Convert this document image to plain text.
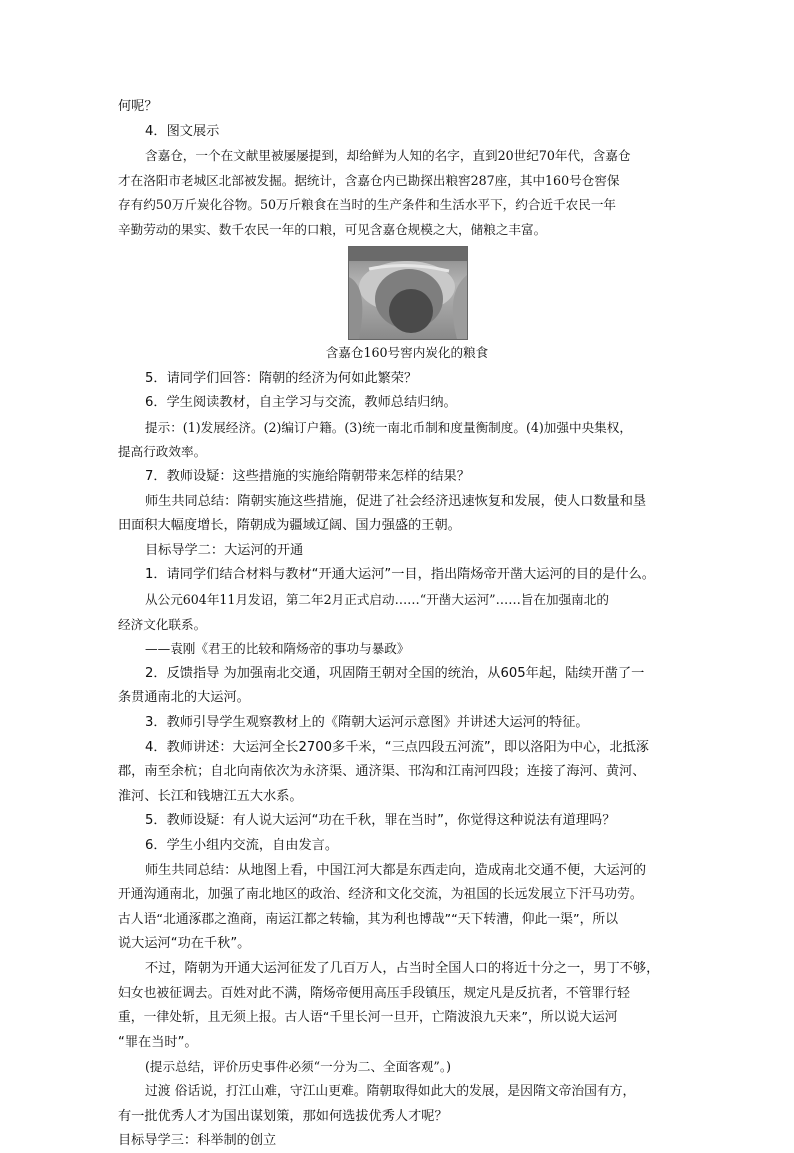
何呢？
4．图文展示
含嘉仓，一个在文献里被屡屡提到，却给鲜为人知的名字，直到20世纪70年代，含嘉仓
才在洛阳市老城区北部被发掘。据统计，含嘉仓内已勘探出粮窖287座，其中160号仓窖保
存有约50万斤炭化谷物。50万斤粮食在当时的生产条件和生活水平下，约合近千农民一年
辛勤劳动的果实、数千农民一年的口粮，可见含嘉仓规模之大，储粮之丰富。
含嘉仓160号窖内炭化的粮食
5．请同学们回答：隋朝的经济为何如此繁荣？
6．学生阅读教材，自主学习与交流，教师总结归纳。
提示：(1)发展经济。(2)编订户籍。(3)统一南北币制和度量衡制度。(4)加强中央集权，
提高行政效率。
7．教师设疑：这些措施的实施给隋朝带来怎样的结果？
师生共同总结：隋朝实施这些措施，促进了社会经济迅速恢复和发展，使人口数量和垦
田面积大幅度增长，隋朝成为疆域辽阔、国力强盛的王朝。
目标导学二：大运河的开通
1．请同学们结合材料与教材“开通大运河”一目，指出隋炀帝开凿大运河的目的是什么。
从公元604年11月发诏，第二年2月正式启动……“开凿大运河”……旨在加强南北的
经济文化联系。
——袁刚《君王的比较和隋炀帝的事功与暴政》
2．反馈指导 为加强南北交通，巩固隋王朝对全国的统治，从605年起，陆续开凿了一
条贯通南北的大运河。
3．教师引导学生观察教材上的《隋朝大运河示意图》并讲述大运河的特征。
4．教师讲述：大运河全长2700多千米，“三点四段五河流”，即以洛阳为中心，北抵涿
郡，南至余杭；自北向南依次为永济渠、通济渠、邗沟和江南河四段；连接了海河、黄河、
淮河、长江和钱塘江五大水系。
5．教师设疑：有人说大运河“功在千秋，罪在当时”，你觉得这种说法有道理吗？
6．学生小组内交流，自由发言。
师生共同总结：从地图上看，中国江河大都是东西走向，造成南北交通不便，大运河的
开通沟通南北，加强了南北地区的政治、经济和文化交流，为祖国的长远发展立下汗马功劳。
古人语“北通涿郡之渔商，南运江都之转输，其为利也博哉”“天下转漕，仰此一渠”，所以
说大运河“功在千秋”。
不过，隋朝为开通大运河征发了几百万人，占当时全国人口的将近十分之一，男丁不够，
妇女也被征调去。百姓对此不满，隋炀帝便用高压手段镇压，规定凡是反抗者，不管罪行轻
重，一律处斩，且无须上报。古人语“千里长河一旦开，亡隋波浪九天来”，所以说大运河
“罪在当时”。
(提示总结，评价历史事件必须“一分为二、全面客观”。)
过渡 俗话说，打江山难，守江山更难。隋朝取得如此大的发展，是因隋文帝治国有方，
有一批优秀人才为国出谋划策，那如何选拔优秀人才呢？
目标导学三：科举制的创立
